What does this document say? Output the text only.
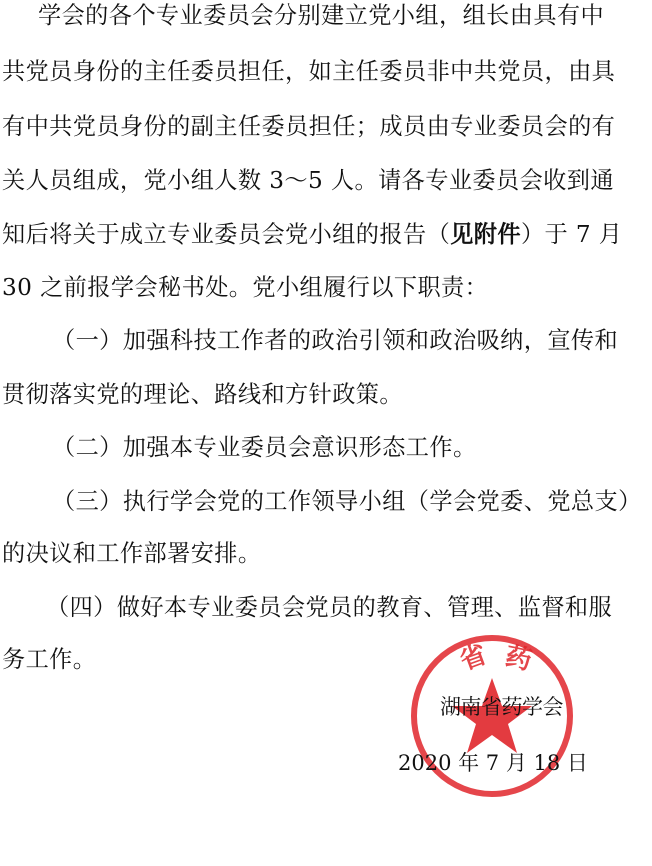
学会的各个专业委员会分别建立党小组，组长由具有中
共党员身份的主任委员担任，如主任委员非中共党员，由具
有中共党员身份的副主任委员担任；成员由专业委员会的有
关人员组成，党小组人数 3～5 人。请各专业委员会收到通
知后将关于成立专业委员会党小组的报告（见附件）于 7 月
30 之前报学会秘书处。党小组履行以下职责：
（一）加强科技工作者的政治引领和政治吸纳，宣传和
贯彻落实党的理论、路线和方针政策。
（二）加强本专业委员会意识形态工作。
（三）执行学会党的工作领导小组（学会党委、党总支）
的决议和工作部署安排。
（四）做好本专业委员会党员的教育、管理、监督和服
务工作。	省 药
湖南省药学会
2020 年 7 月 18 日
